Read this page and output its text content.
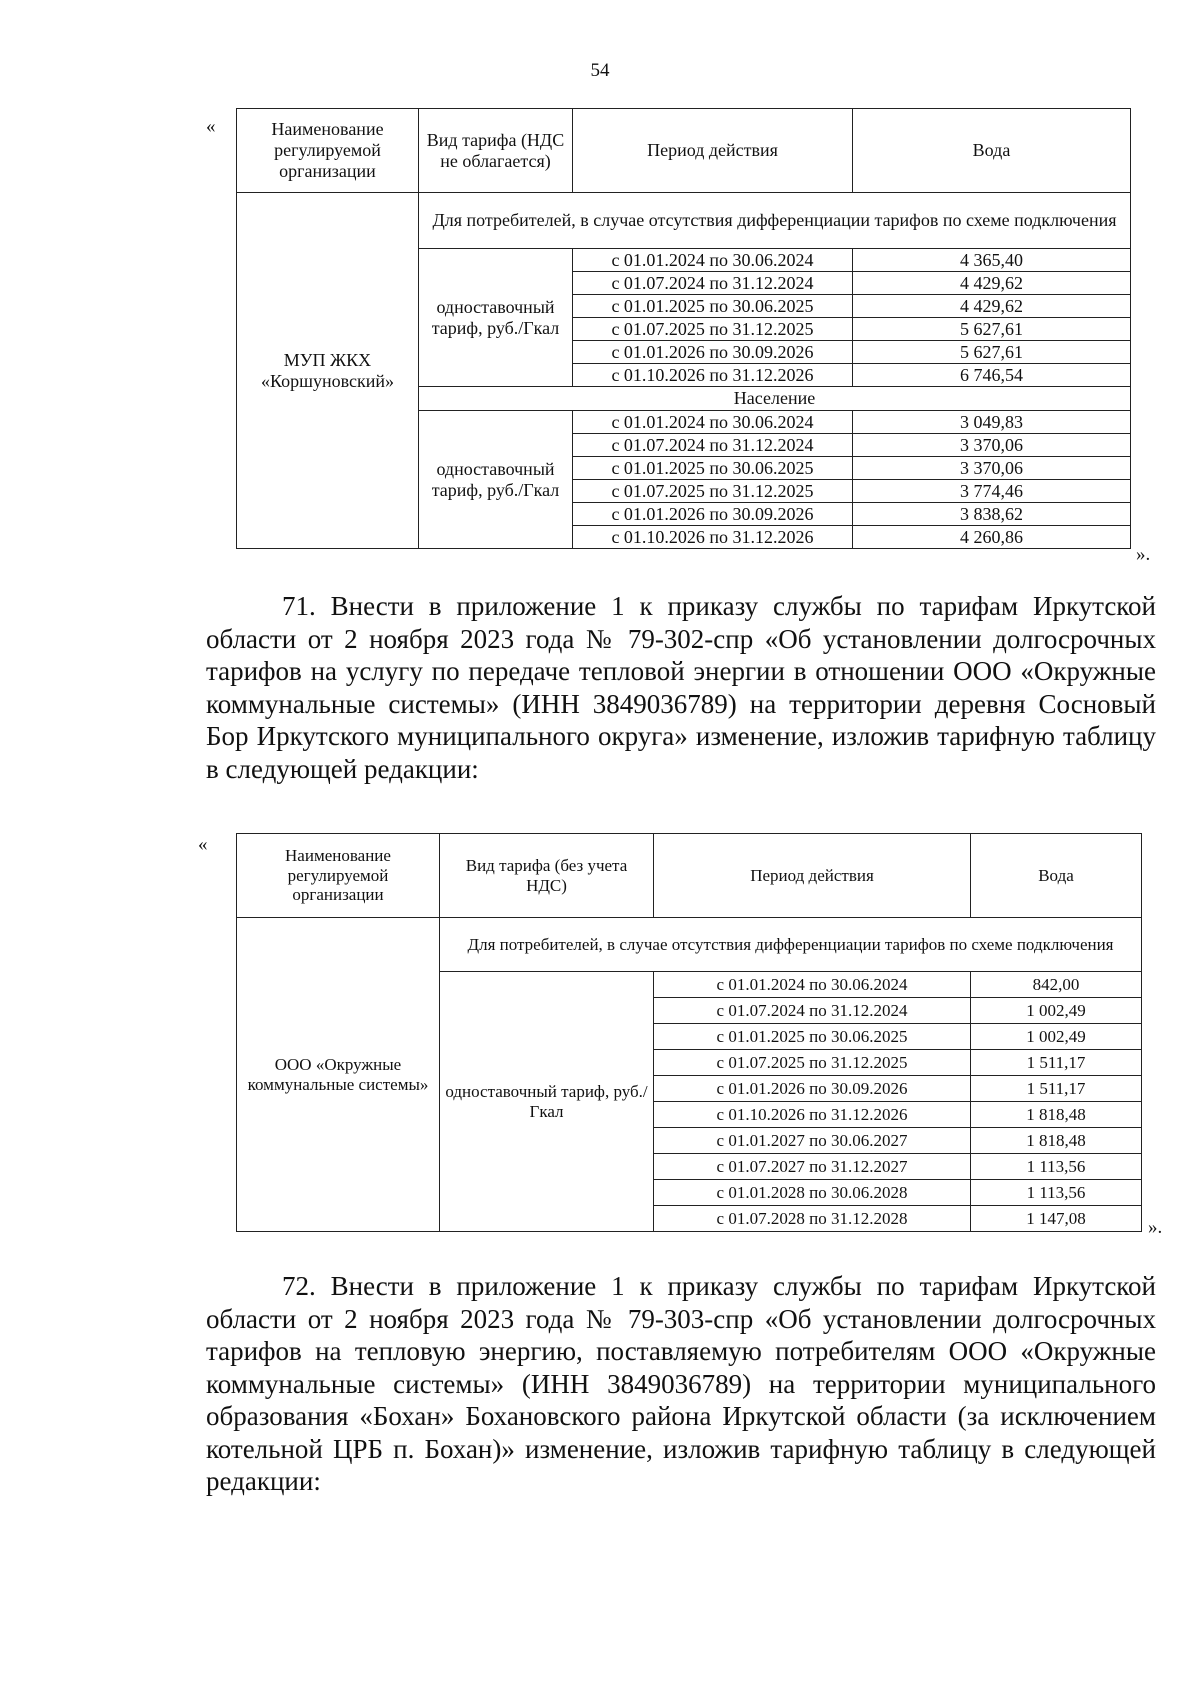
54
«	Наименование регулируемой организации	Вид тарифа (НДС не облагается)	Период действия	Вода
МУП ЖКХ «Коршуновский»	Для потребителей, в случае отсутствия дифференциации тарифов по схеме подключения		
	одноставочный тариф, руб./Гкал	с 01.01.2024 по 30.06.2024	4 365,40
		с 01.07.2024 по 31.12.2024	4 429,62
		с 01.01.2025 по 30.06.2025	4 429,62
		с 01.07.2025 по 31.12.2025	5 627,61
		с 01.01.2026 по 30.09.2026	5 627,61
		с 01.10.2026 по 31.12.2026	6 746,54
	Население		
	одноставочный тариф, руб./Гкал	с 01.01.2024 по 30.06.2024	3 049,83
		с 01.07.2024 по 31.12.2024	3 370,06
		с 01.01.2025 по 30.06.2025	3 370,06
		с 01.07.2025 по 31.12.2025	3 774,46
		с 01.01.2026 по 30.09.2026	3 838,62
		с 01.10.2026 по 31.12.2026	4 260,86
».

71. Внести в приложение 1 к приказу службы по тарифам Иркутской области от 2 ноября 2023 года № 79-302-спр «Об установлении долгосрочных тарифов на услугу по передаче тепловой энергии в отношении ООО «Окружные коммунальные системы» (ИНН 3849036789) на территории деревня Сосновый Бор Иркутского муниципального округа» изменение, изложив тарифную таблицу в следующей редакции:

«
Наименование регулируемой организации	Вид тарифа (без учета НДС)	Период действия	Вода
ООО «Окружные коммунальные системы»	Для потребителей, в случае отсутствия дифференциации тарифов по схеме подключения		
	одноставочный тариф, руб./Гкал	с 01.01.2024 по 30.06.2024	842,00
		с 01.07.2024 по 31.12.2024	1 002,49
		с 01.01.2025 по 30.06.2025	1 002,49
		с 01.07.2025 по 31.12.2025	1 511,17
		с 01.01.2026 по 30.09.2026	1 511,17
		с 01.10.2026 по 31.12.2026	1 818,48
		с 01.01.2027 по 30.06.2027	1 818,48
		с 01.07.2027 по 31.12.2027	1 113,56
		с 01.01.2028 по 30.06.2028	1 113,56
		с 01.07.2028 по 31.12.2028	1 147,08	».

72. Внести в приложение 1 к приказу службы по тарифам Иркутской области от 2 ноября 2023 года № 79-303-спр «Об установлении долгосрочных тарифов на тепловую энергию, поставляемую потребителям ООО «Окружные коммунальные системы» (ИНН 3849036789) на территории муниципального образования «Бохан» Бохановского района Иркутской области (за исключением котельной ЦРБ п. Бохан)» изменение, изложив тарифную таблицу в следующей редакции:
